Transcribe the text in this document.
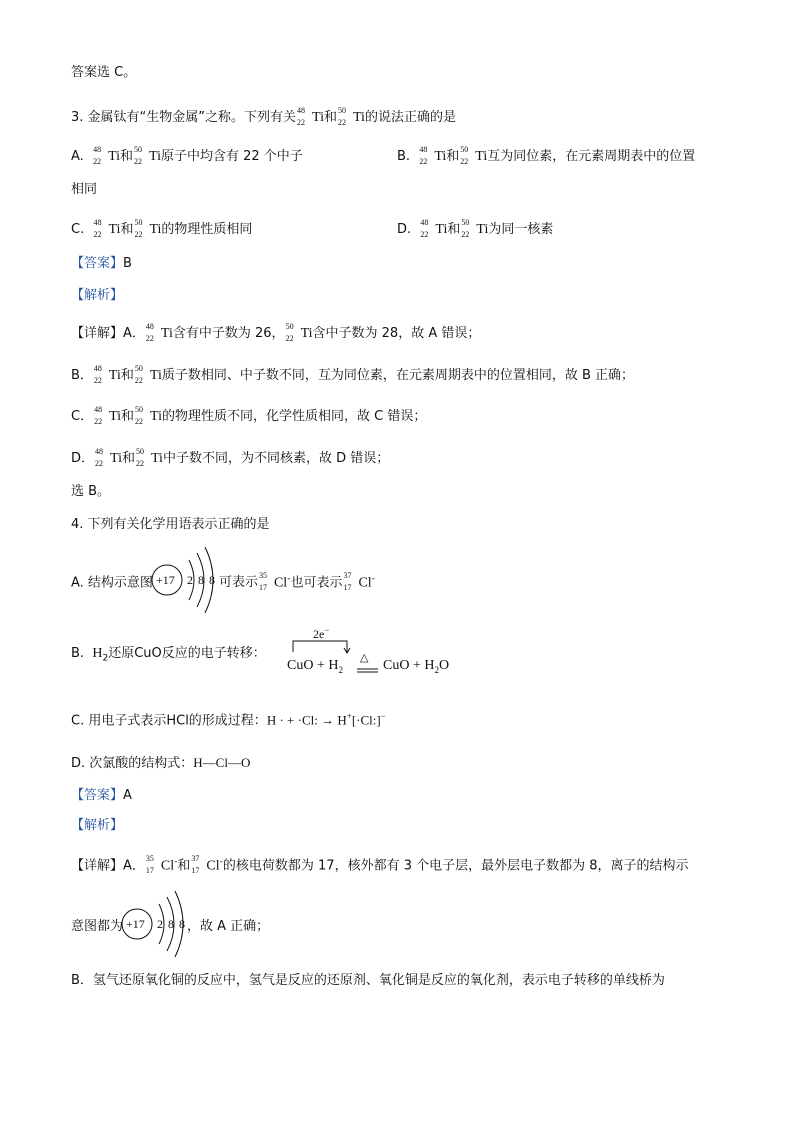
答案选 C。
3. 金属钛有“生物金属”之称。下列有关 48
22 Ti和 50
22 Ti的说法正确的是
A. 48
22 Ti和 50
22 Ti原子中均含有 22 个中子	B. 48
22 Ti和 50
22 Ti互为同位素，在元素周期表中的位置
相同
C. 48
22 Ti和 50
22 Ti的物理性质相同	D. 48
22 Ti和 50
22 Ti为同一核素
【答案】B
【解析】
【详解】A． 48
22 Ti含有中子数为 26， 50
22 Ti含中子数为 28，故 A 错误；
B． 48
22 Ti和 50
22 Ti质子数相同、中子数不同，互为同位素，在元素周期表中的位置相同，故 B 正确；
C． 48
22 Ti和 50
22 Ti的物理性质不同，化学性质相同，故 C 错误；
D． 48
22 Ti和 50
22 Ti中子数不同，为不同核素，故 D 错误；
选 B。
4. 下列有关化学用语表示正确的是
A. 结构示意图 +17 2 8 8 可表示 35
17 Cl-也可表示 37
17 Cl-
B. $H_2$还原CuO反应的电子转移：
2e−
△
CuO + $H_2$	CuO + $H_2O$
C. 用电子式表示HCl的形成过程：H · + ·Cl: → H+[·Cl:]−
D. 次氯酸的结构式：H—Cl—O
【答案】A
【解析】
【详解】A． 35
17 Cl-和 37
17 Cl-的核电荷数都为 17，核外都有 3 个电子层，最外层电子数都为 8，离子的结构示
意图都为 +17 2 8 8 ，故 A 正确；
B．氢气还原氧化铜的反应中，氢气是反应的还原剂、氧化铜是反应的氧化剂，表示电子转移的单线桥为
